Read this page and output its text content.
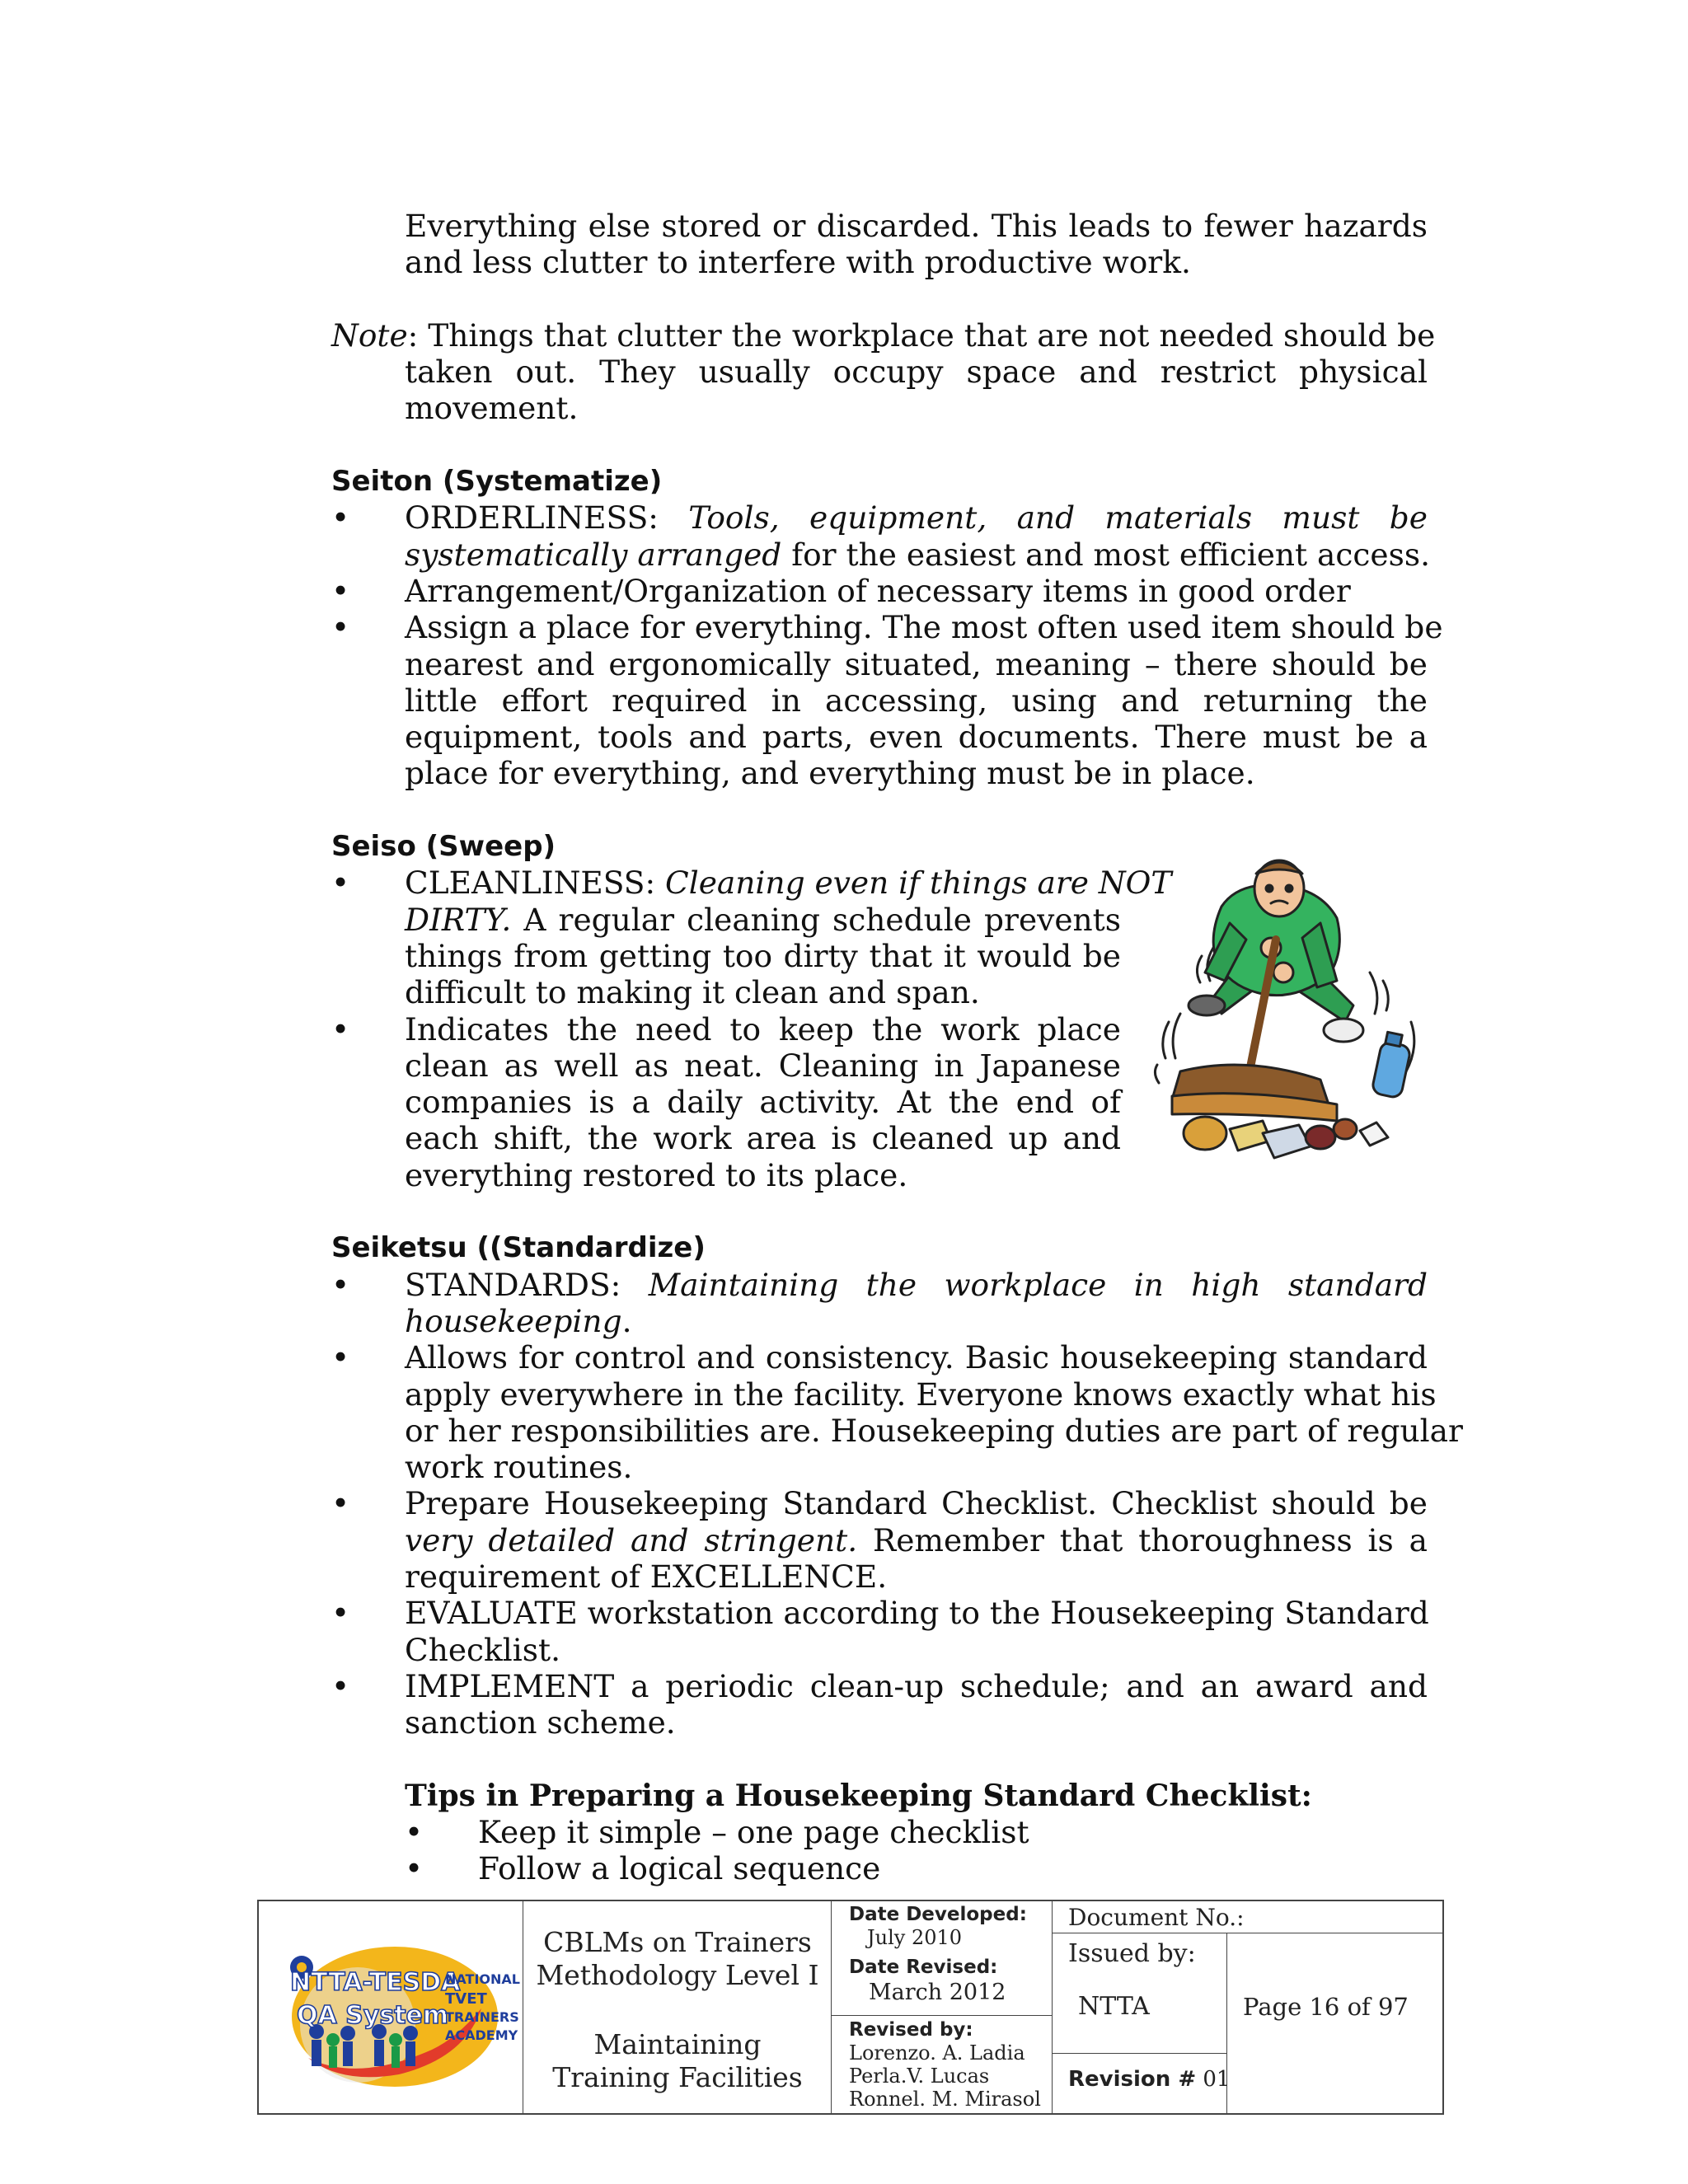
Everything else stored or discarded. This leads to fewer hazards
and less clutter to interfere with productive work.
Note: Things that clutter the workplace that are not needed should be
taken out. They usually occupy space and restrict physical
movement.
Seiton (Systematize)
• ORDERLINESS: Tools, equipment, and materials must be
systematically arranged for the easiest and most efficient access.
• Arrangement/Organization of necessary items in good order
• Assign a place for everything. The most often used item should be
nearest and ergonomically situated, meaning – there should be
little effort required in accessing, using and returning the
equipment, tools and parts, even documents. There must be a
place for everything, and everything must be in place.
Seiso (Sweep)
• CLEANLINESS: Cleaning even if things are NOT
DIRTY. A regular cleaning schedule prevents
things from getting too dirty that it would be
difficult to making it clean and span.
• Indicates the need to keep the work place
clean as well as neat. Cleaning in Japanese
companies is a daily activity. At the end of
each shift, the work area is cleaned up and
everything restored to its place.
Seiketsu ((Standardize)
• STANDARDS: Maintaining the workplace in high standard
housekeeping.
• Allows for control and consistency. Basic housekeeping standard
apply everywhere in the facility. Everyone knows exactly what his
or her responsibilities are. Housekeeping duties are part of regular
work routines.
• Prepare Housekeeping Standard Checklist. Checklist should be
very detailed and stringent. Remember that thoroughness is a
requirement of EXCELLENCE.
• EVALUATE workstation according to the Housekeeping Standard
Checklist.
• IMPLEMENT a periodic clean-up schedule; and an award and
sanction scheme.
Tips in Preparing a Housekeeping Standard Checklist:
• Keep it simple – one page checklist
• Follow a logical sequence
NTTA-TESDA
QA System
NATIONAL
TVET
TRAINERS
ACADEMY
CBLMs on Trainers
Methodology Level I
Maintaining
Training Facilities
Date Developed:
July 2010
Date Revised:
March 2012
Revised by:
Lorenzo. A. Ladia
Perla.V. Lucas
Ronnel. M. Mirasol
Document No.:
Issued by:
NTTA
Revision # 01
Page 16 of 97
